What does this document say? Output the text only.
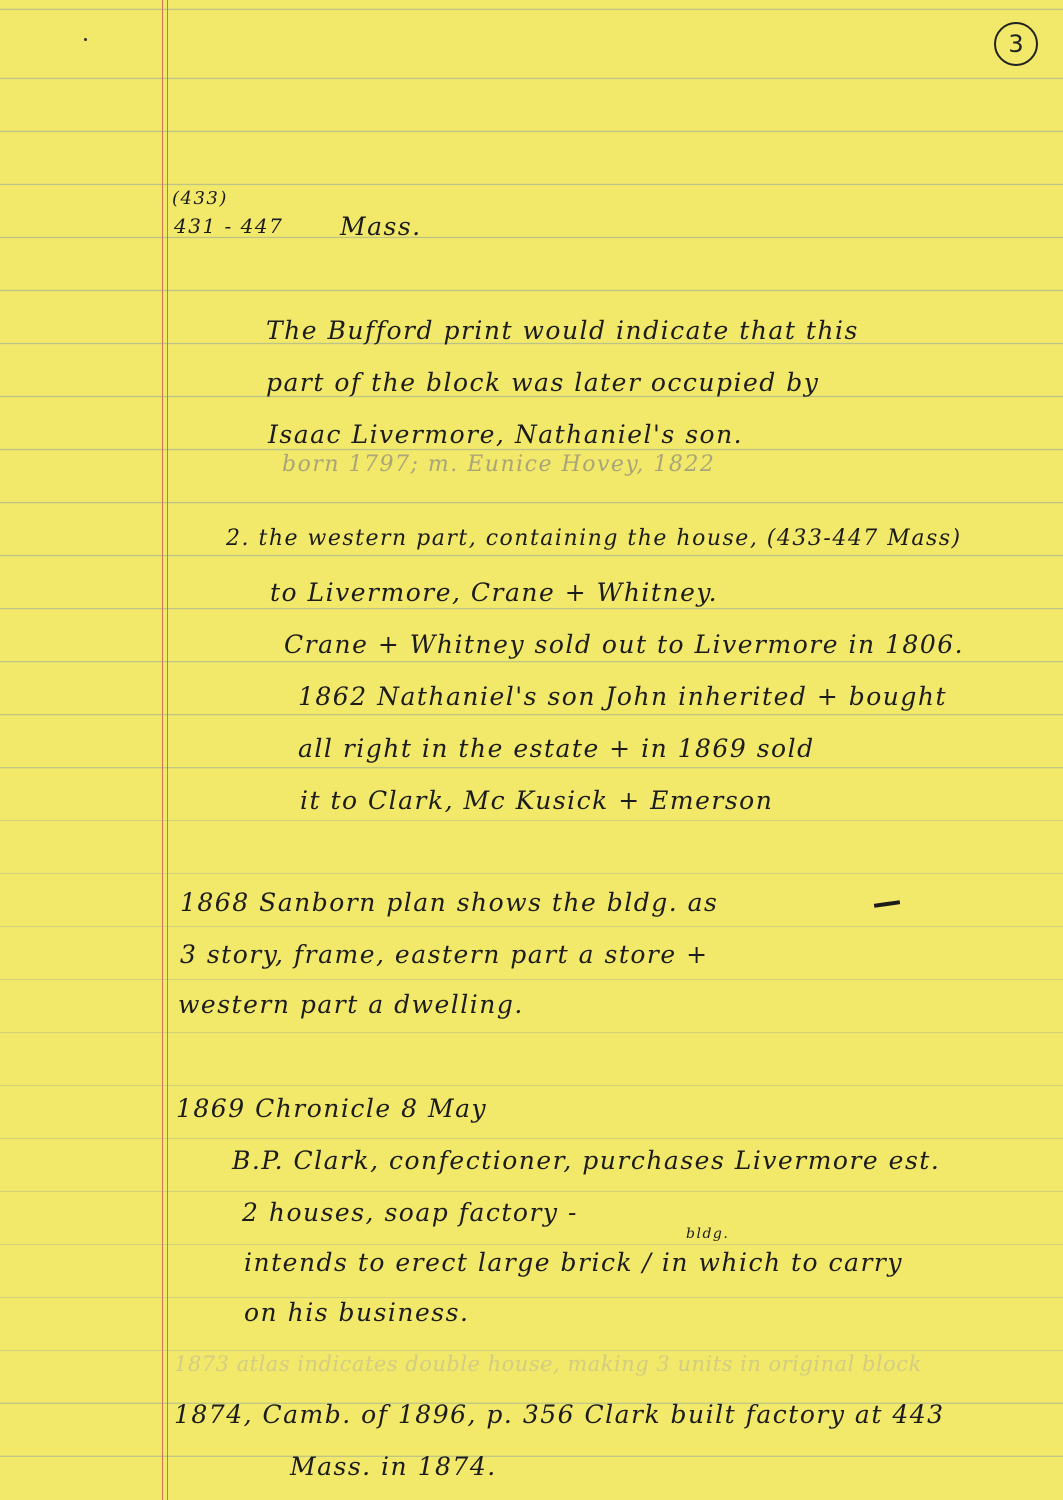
3
(433)
431 - 447 Mass.
The Bufford print would indicate that this
part of the block was later occupied by
Isaac Livermore, Nathaniel's son.
born 1797; m. Eunice Hovey, 1822
2. the western part, containing the house, (433-447 Mass)
to Livermore, Crane + Whitney.
Crane + Whitney sold out to Livermore in 1806.
1862 Nathaniel's son John inherited + bought
all right in the estate + in 1869 sold
it to Clark, Mc Kusick + Emerson
1868 Sanborn plan shows the bldg. as
3 story, frame, eastern part a store +
western part a dwelling.
1869 Chronicle 8 May
B.P. Clark, confectioner, purchases Livermore est.
2 houses, soap factory -
bldg.
intends to erect large brick / in which to carry
on his business.
1873 atlas indicates double house, making 3 units in original block
1874, Camb. of 1896, p. 356 Clark built factory at 443
Mass. in 1874.
